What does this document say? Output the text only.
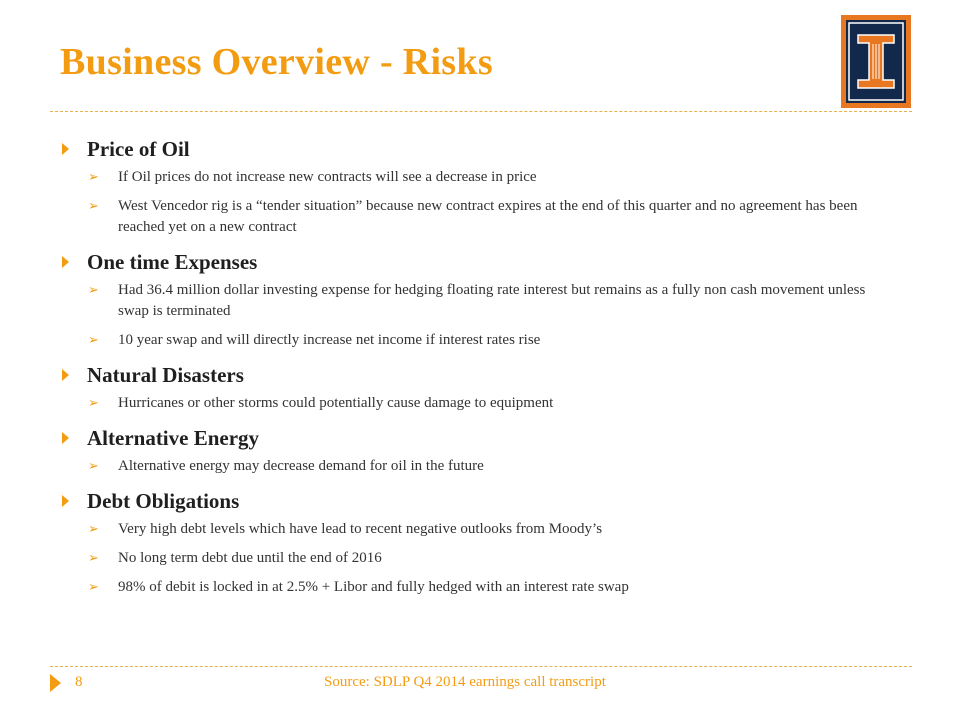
Business Overview - Risks
Price of Oil
➢	If Oil prices do not increase new contracts will see a decrease in price
➢	West Vencedor rig is a “tender situation” because new contract expires at the end of this quarter and no agreement has been reached yet on a new contract
One time Expenses
➢	Had 36.4 million dollar investing expense for hedging floating rate interest but remains as a fully non cash movement unless swap is terminated
➢	10 year swap and will directly increase net income if interest rates rise
Natural Disasters
➢	Hurricanes or other storms could potentially cause damage to equipment
Alternative Energy
➢	Alternative energy may decrease demand for oil in the future
Debt Obligations
➢	Very high debt levels which have lead to recent negative outlooks from Moody’s
➢	No long term debt due until the end of 2016
➢	98% of debit is locked in at 2.5% + Libor and fully hedged with an interest rate swap
8	Source: SDLP Q4 2014 earnings call transcript
